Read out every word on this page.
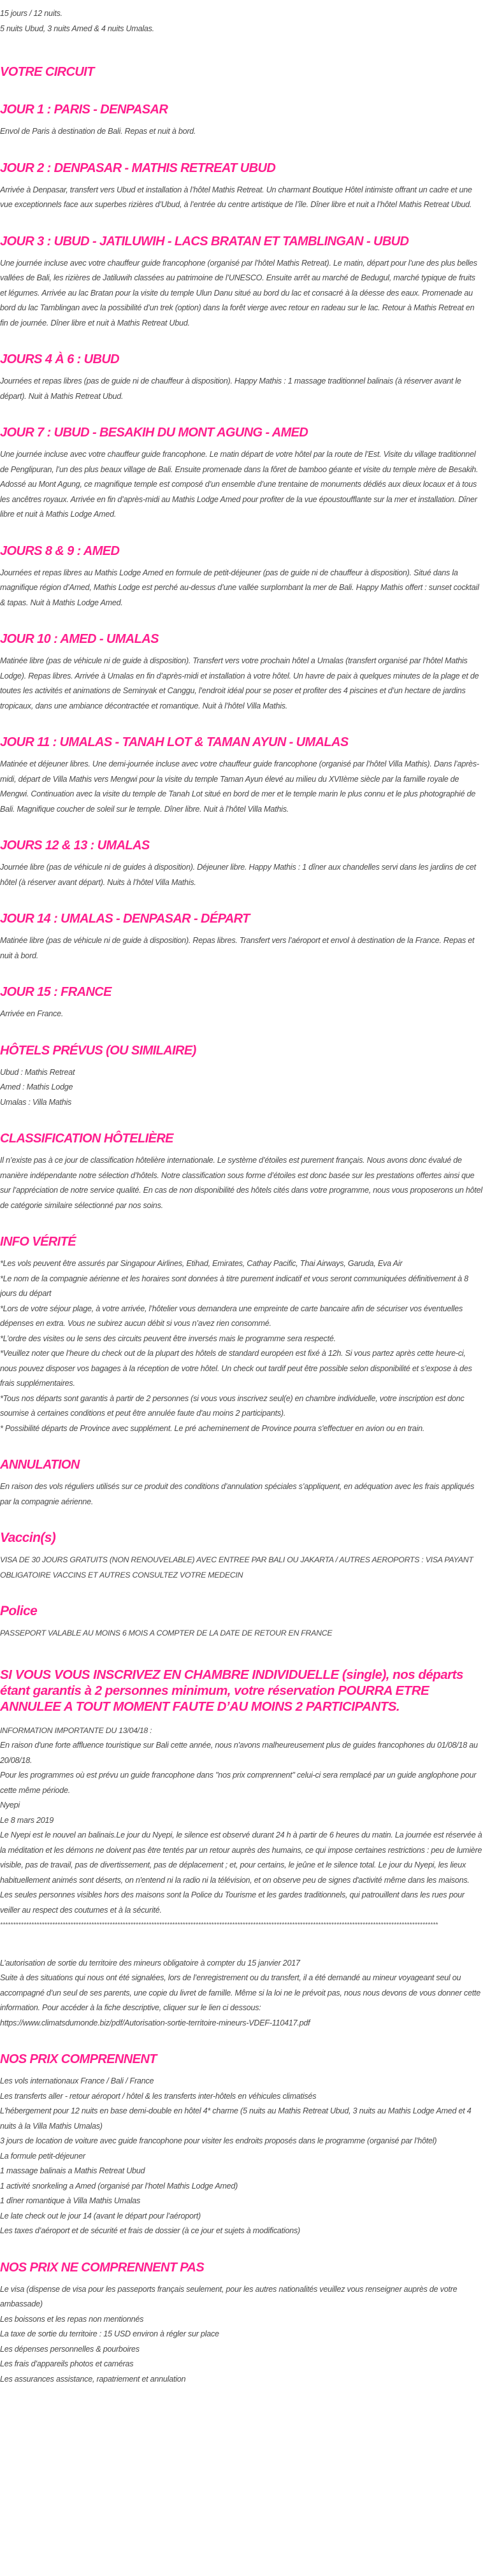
15 jours / 12 nuits.
5 nuits Ubud, 3 nuits Amed & 4 nuits Umalas.
VOTRE CIRCUIT
JOUR 1 : PARIS - DENPASAR

Envol de Paris à destination de Bali. Repas et nuit à bord.

JOUR 2 : DENPASAR - MATHIS RETREAT UBUD

Arrivée à Denpasar, transfert vers Ubud et installation à l’hôtel Mathis Retreat. Un charmant Boutique Hôtel intimiste offrant un cadre et une vue exceptionnels face aux superbes rizières d’Ubud, à l’entrée du centre artistique de l’île. Dîner libre et nuit a l’hôtel Mathis Retreat Ubud.

JOUR 3 : UBUD - JATILUWIH - LACS BRATAN ET TAMBLINGAN - UBUD

Une journée incluse avec votre chauffeur guide francophone (organisé par l’hôtel Mathis Retreat). Le matin, départ pour l’une des plus belles vallées de Bali, les rizières de Jatiluwih classées au patrimoine de l’UNESCO. Ensuite arrêt au marché de Bedugul, marché typique de fruits et légumes. Arrivée au lac Bratan pour la visite du temple Ulun Danu situé au bord du lac et consacré à la déesse des eaux. Promenade au bord du lac Tamblingan avec la possibilité d’un trek (option) dans la forêt vierge avec retour en radeau sur le lac. Retour à Mathis Retreat en fin de journée. Dîner libre et nuit à Mathis Retreat Ubud.

JOURS 4 À 6 : UBUD

Journées et repas libres (pas de guide ni de chauffeur à disposition). Happy Mathis : 1 massage traditionnel balinais (à réserver avant le départ). Nuit à Mathis Retreat Ubud.

JOUR 7 : UBUD - BESAKIH DU MONT AGUNG - AMED

Une journée incluse avec votre chauffeur guide francophone. Le matin départ de votre hôtel par la route de l’Est. Visite du village traditionnel de Penglipuran, l’un des plus beaux village de Bali. Ensuite promenade dans la fôret de bamboo géante et visite du temple mère de Besakih. Adossé au Mont Agung, ce magnifique temple est composé d’un ensemble d’une trentaine de monuments dédiés aux dieux locaux et à tous les ancêtres royaux. Arrivée en fin d’après-midi au Mathis Lodge Amed pour profiter de la vue époustoufflante sur la mer et installation. Dîner libre et nuit à Mathis Lodge Amed.

JOURS 8 & 9 : AMED

Journées et repas libres au Mathis Lodge Amed en formule de petit-déjeuner (pas de guide ni de chauffeur à disposition). Situé dans la magnifique région d’Amed, Mathis Lodge est perché au-dessus d’une vallée surplombant la mer de Bali. Happy Mathis offert : sunset cocktail & tapas. Nuit à Mathis Lodge Amed.

JOUR 10 : AMED - UMALAS

Matinée libre (pas de véhicule ni de guide à disposition). Transfert vers votre prochain hôtel a Umalas (transfert organisé par l’hôtel Mathis Lodge). Repas libres. Arrivée à Umalas en fin d’après-midi et installation à votre hôtel. Un havre de paix à quelques minutes de la plage et de toutes les activités et animations de Seminyak et Canggu, l’endroit idéal pour se poser et profiter des 4 piscines et d’un hectare de jardins tropicaux, dans une ambiance décontractée et romantique. Nuit à l’hôtel Villa Mathis.

JOUR 11 : UMALAS - TANAH LOT & TAMAN AYUN - UMALAS

Matinée et déjeuner libres. Une demi-journée incluse avec votre chauffeur guide francophone (organisé par l’hôtel Villa Mathis). Dans l’après-midi, départ de Villa Mathis vers Mengwi pour la visite du temple Taman Ayun élevé au milieu du XVIIème siècle par la famille royale de Mengwi. Continuation avec la visite du temple de Tanah Lot situé en bord de mer et le temple marin le plus connu et le plus photographié de Bali. Magnifique coucher de soleil sur le temple. Dîner libre. Nuit à l’hôtel Villa Mathis.

JOURS 12 & 13 : UMALAS

Journée libre (pas de véhicule ni de guides à disposition). Déjeuner libre. Happy Mathis : 1 dîner aux chandelles servi dans les jardins de cet hôtel (à réserver avant départ). Nuits à l’hôtel Villa Mathis.

JOUR 14 : UMALAS - DENPASAR - DÉPART

Matinée libre (pas de véhicule ni de guide à disposition). Repas libres. Transfert vers l’aéroport et envol à destination de la France. Repas et nuit à bord.

JOUR 15 : FRANCE

Arrivée en France.

HÔTELS PRÉVUS (OU SIMILAIRE)
Ubud : Mathis Retreat
Amed : Mathis Lodge
Umalas : Villa Mathis
CLASSIFICATION HÔTELIÈRE

Il n’existe pas à ce jour de classification hôtelière internationale. Le système d’étoiles est purement français. Nous avons donc évalué de manière indépendante notre sélection d’hôtels. Notre classification sous forme d’étoiles est donc basée sur les prestations offertes ainsi que sur l’appréciation de notre service qualité. En cas de non disponibilité des hôtels cités dans votre programme, nous vous proposerons un hôtel de catégorie similaire sélectionné par nos soins.

INFO VÉRITÉ
*Les vols peuvent être assurés par Singapour Airlines, Etihad, Emirates, Cathay Pacific, Thai Airways, Garuda, Eva Air
*Le nom de la compagnie aérienne et les horaires sont données à titre purement indicatif et vous seront communiquées définitivement à 8 jours du départ
*Lors de votre séjour plage, à votre arrivée, l’hôtelier vous demandera une empreinte de carte bancaire afin de sécuriser vos éventuelles dépenses en extra. Vous ne subirez aucun débit si vous n’avez rien consommé.
*L’ordre des visites ou le sens des circuits peuvent être inversés mais le programme sera respecté.
*Veuillez noter que l’heure du check out de la plupart des hôtels de standard européen est fixé à 12h. Si vous partez après cette heure-ci, nous pouvez disposer vos bagages à la réception de votre hôtel. Un check out tardif peut être possible selon disponibilité et s’expose à des frais supplémentaires.
*Tous nos départs sont garantis à partir de 2 personnes (si vous vous inscrivez seul(e) en chambre individuelle, votre inscription est donc soumise à certaines conditions et peut être annulée faute d'au moins 2 participants).
* Possibilité départs de Province avec supplément. Le pré acheminement de Province pourra s'effectuer en avion ou en train.
ANNULATION

En raison des vols réguliers utilisés sur ce produit des conditions d’annulation spéciales s’appliquent, en adéquation avec les frais appliqués par la compagnie aérienne.

Vaccin(s)

VISA DE 30 JOURS GRATUITS (NON RENOUVELABLE) AVEC ENTREE PAR BALI OU JAKARTA / AUTRES AEROPORTS : VISA PAYANT OBLIGATOIRE VACCINS ET AUTRES CONSULTEZ VOTRE MEDECIN

Police

PASSEPORT VALABLE AU MOINS 6 MOIS A COMPTER DE LA DATE DE RETOUR EN FRANCE

SI VOUS VOUS INSCRIVEZ EN CHAMBRE INDIVIDUELLE (single), nos départs étant garantis à 2 personnes minimum, votre réservation POURRA ETRE ANNULEE A TOUT MOMENT FAUTE D’AU MOINS 2 PARTICIPANTS.
INFORMATION IMPORTANTE DU 13/04/18 :
En raison d'une forte affluence touristique sur Bali cette année, nous n'avons malheureusement plus de guides francophones du 01/08/18 au 20/08/18.
Pour les programmes où est prévu un guide francophone dans "nos prix comprennent" celui-ci sera remplacé par un guide anglophone pour cette même période.
Nyepi
Le 8 mars 2019
Le Nyepi est le nouvel an balinais.Le jour du Nyepi, le silence est observé durant 24 h à partir de 6 heures du matin. La journée est réservée à la méditation et les démons ne doivent pas être tentés par un retour auprès des humains, ce qui impose certaines restrictions : peu de lumière visible, pas de travail, pas de divertissement, pas de déplacement ; et, pour certains, le jeûne et le silence total. Le jour du Nyepi, les lieux habituellement animés sont déserts, on n'entend ni la radio ni la télévision, et on observe peu de signes d'activité même dans les maisons. Les seules personnes visibles hors des maisons sont la Police du Tourisme et les gardes traditionnels, qui patrouillent dans les rues pour veiller au respect des coutumes et à la sécurité.
************************************************************************************************************************************************************************
L’autorisation de sortie du territoire des mineurs obligatoire à compter du 15 janvier 2017
Suite à des situations qui nous ont été signalées, lors de l’enregistrement ou du transfert, il a été demandé au mineur voyageant seul ou accompagné d’un seul de ses parents, une copie du livret de famille. Même si la loi ne le prévoit pas, nous nous devons de vous donner cette information. Pour accéder à la fiche descriptive, cliquer sur le lien ci dessous:
https://www.climatsdumonde.biz/pdf/Autorisation-sortie-territoire-mineurs-VDEF-110417.pdf
NOS PRIX COMPRENNENT
Les vols internationaux France / Bali / France
Les transferts aller - retour aéroport / hôtel & les transferts inter-hôtels en véhicules climatisés
L'hébergement pour 12 nuits en base demi-double en hôtel 4* charme (5 nuits au Mathis Retreat Ubud, 3 nuits au Mathis Lodge Amed et 4 nuits à la Villa Mathis Umalas)
3 jours de location de voiture avec guide francophone pour visiter les endroits proposés dans le programme (organisé par l’hôtel)
La formule petit-déjeuner
1 massage balinais a Mathis Retreat Ubud
1 activité snorkeling a Amed (organisé par l’hotel Mathis Lodge Amed)
1 dîner romantique à Villa Mathis Umalas
Le late check out le jour 14 (avant le départ pour l’aéroport)
Les taxes d’aéroport et de sécurité et frais de dossier (à ce jour et sujets à modifications)
NOS PRIX NE COMPRENNENT PAS
Le visa (dispense de visa pour les passeports français seulement, pour les autres nationalités veuillez vous renseigner auprès de votre ambassade)
Les boissons et les repas non mentionnés
La taxe de sortie du territoire : 15 USD environ à régler sur place
Les dépenses personnelles & pourboires
Les frais d’appareils photos et caméras
Les assurances assistance, rapatriement et annulation
